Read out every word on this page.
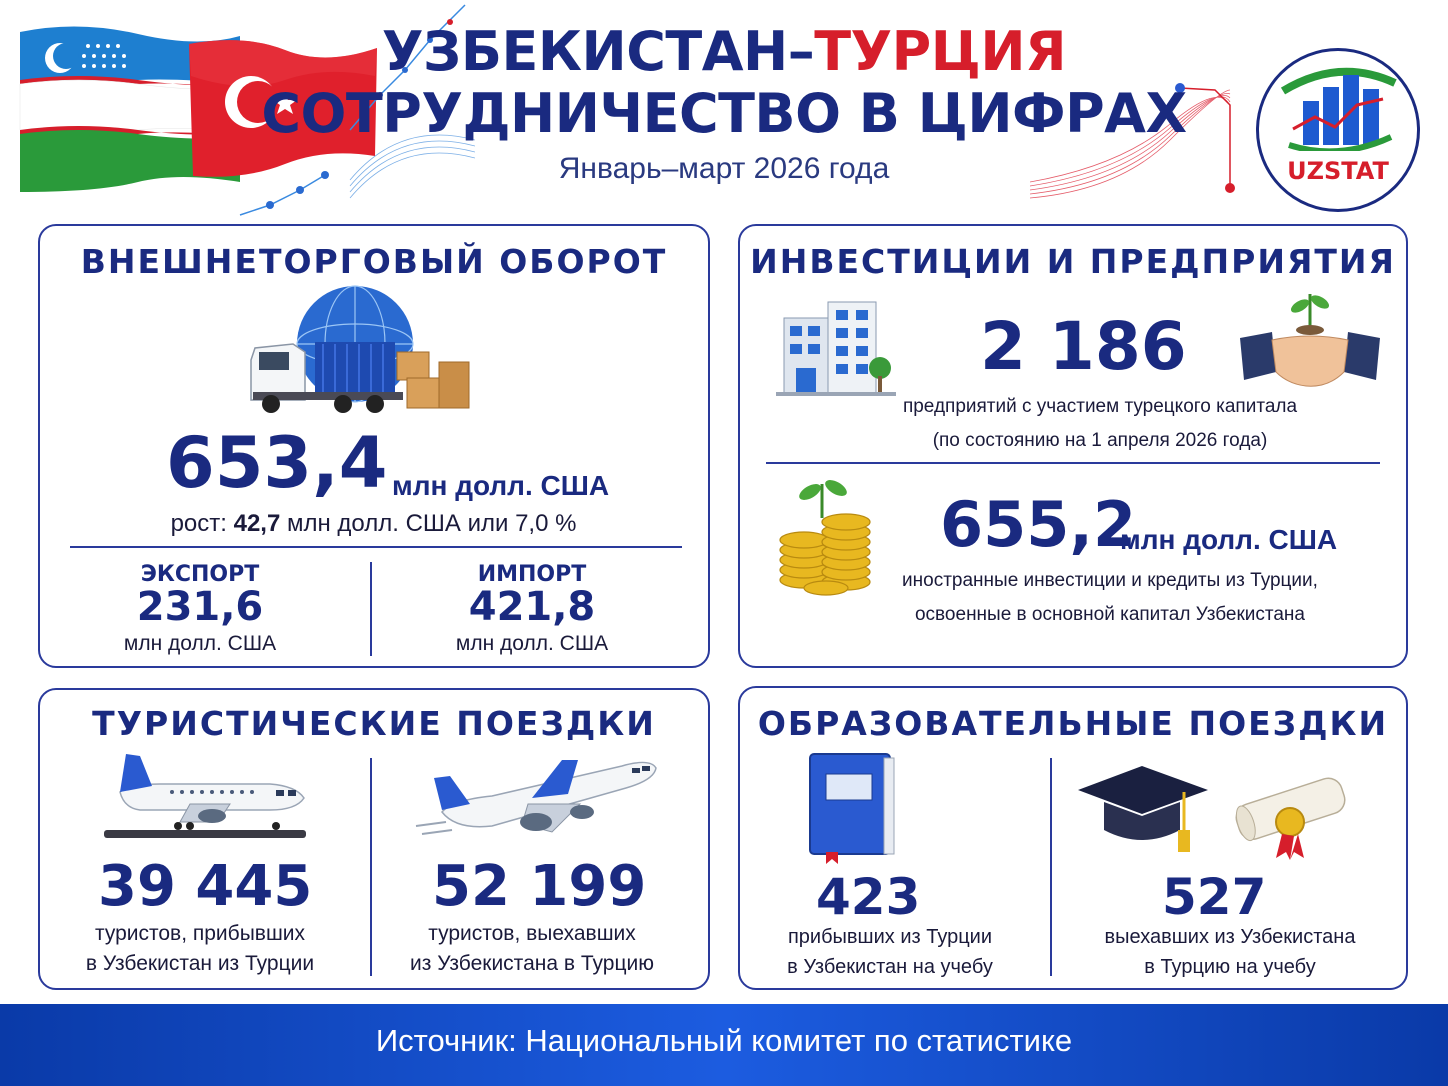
УЗБЕКИСТАН–ТУРЦИЯ
СОТРУДНИЧЕСТВО В ЦИФРАХ
Январь–март 2026 года	UZSTAT
ВНЕШНЕТОРГОВЫЙ ОБОРОТ
653,4 млн долл. США
рост: 42,7 млн долл. США или 7,0 %
ЭКСПОРТ
231,6
млн долл. США
ИМПОРТ
421,8
млн долл. США
ИНВЕСТИЦИИ И ПРЕДПРИЯТИЯ
2 186
предприятий с участием турецкого капитала
(по состоянию на 1 апреля 2026 года)
655,2
млн долл. США
иностранные инвестиции и кредиты из Турции,
освоенные в основной капитал Узбекистана
ТУРИСТИЧЕСКИЕ ПОЕЗДКИ
39 445
туристов, прибывших
в Узбекистан из Турции
52 199
туристов, выехавших
из Узбекистана в Турцию
ОБРАЗОВАТЕЛЬНЫЕ ПОЕЗДКИ
423
прибывших из Турции
в Узбекистан на учебу
527
выехавших из Узбекистана
в Турцию на учебу
Источник: Национальный комитет по статистике
